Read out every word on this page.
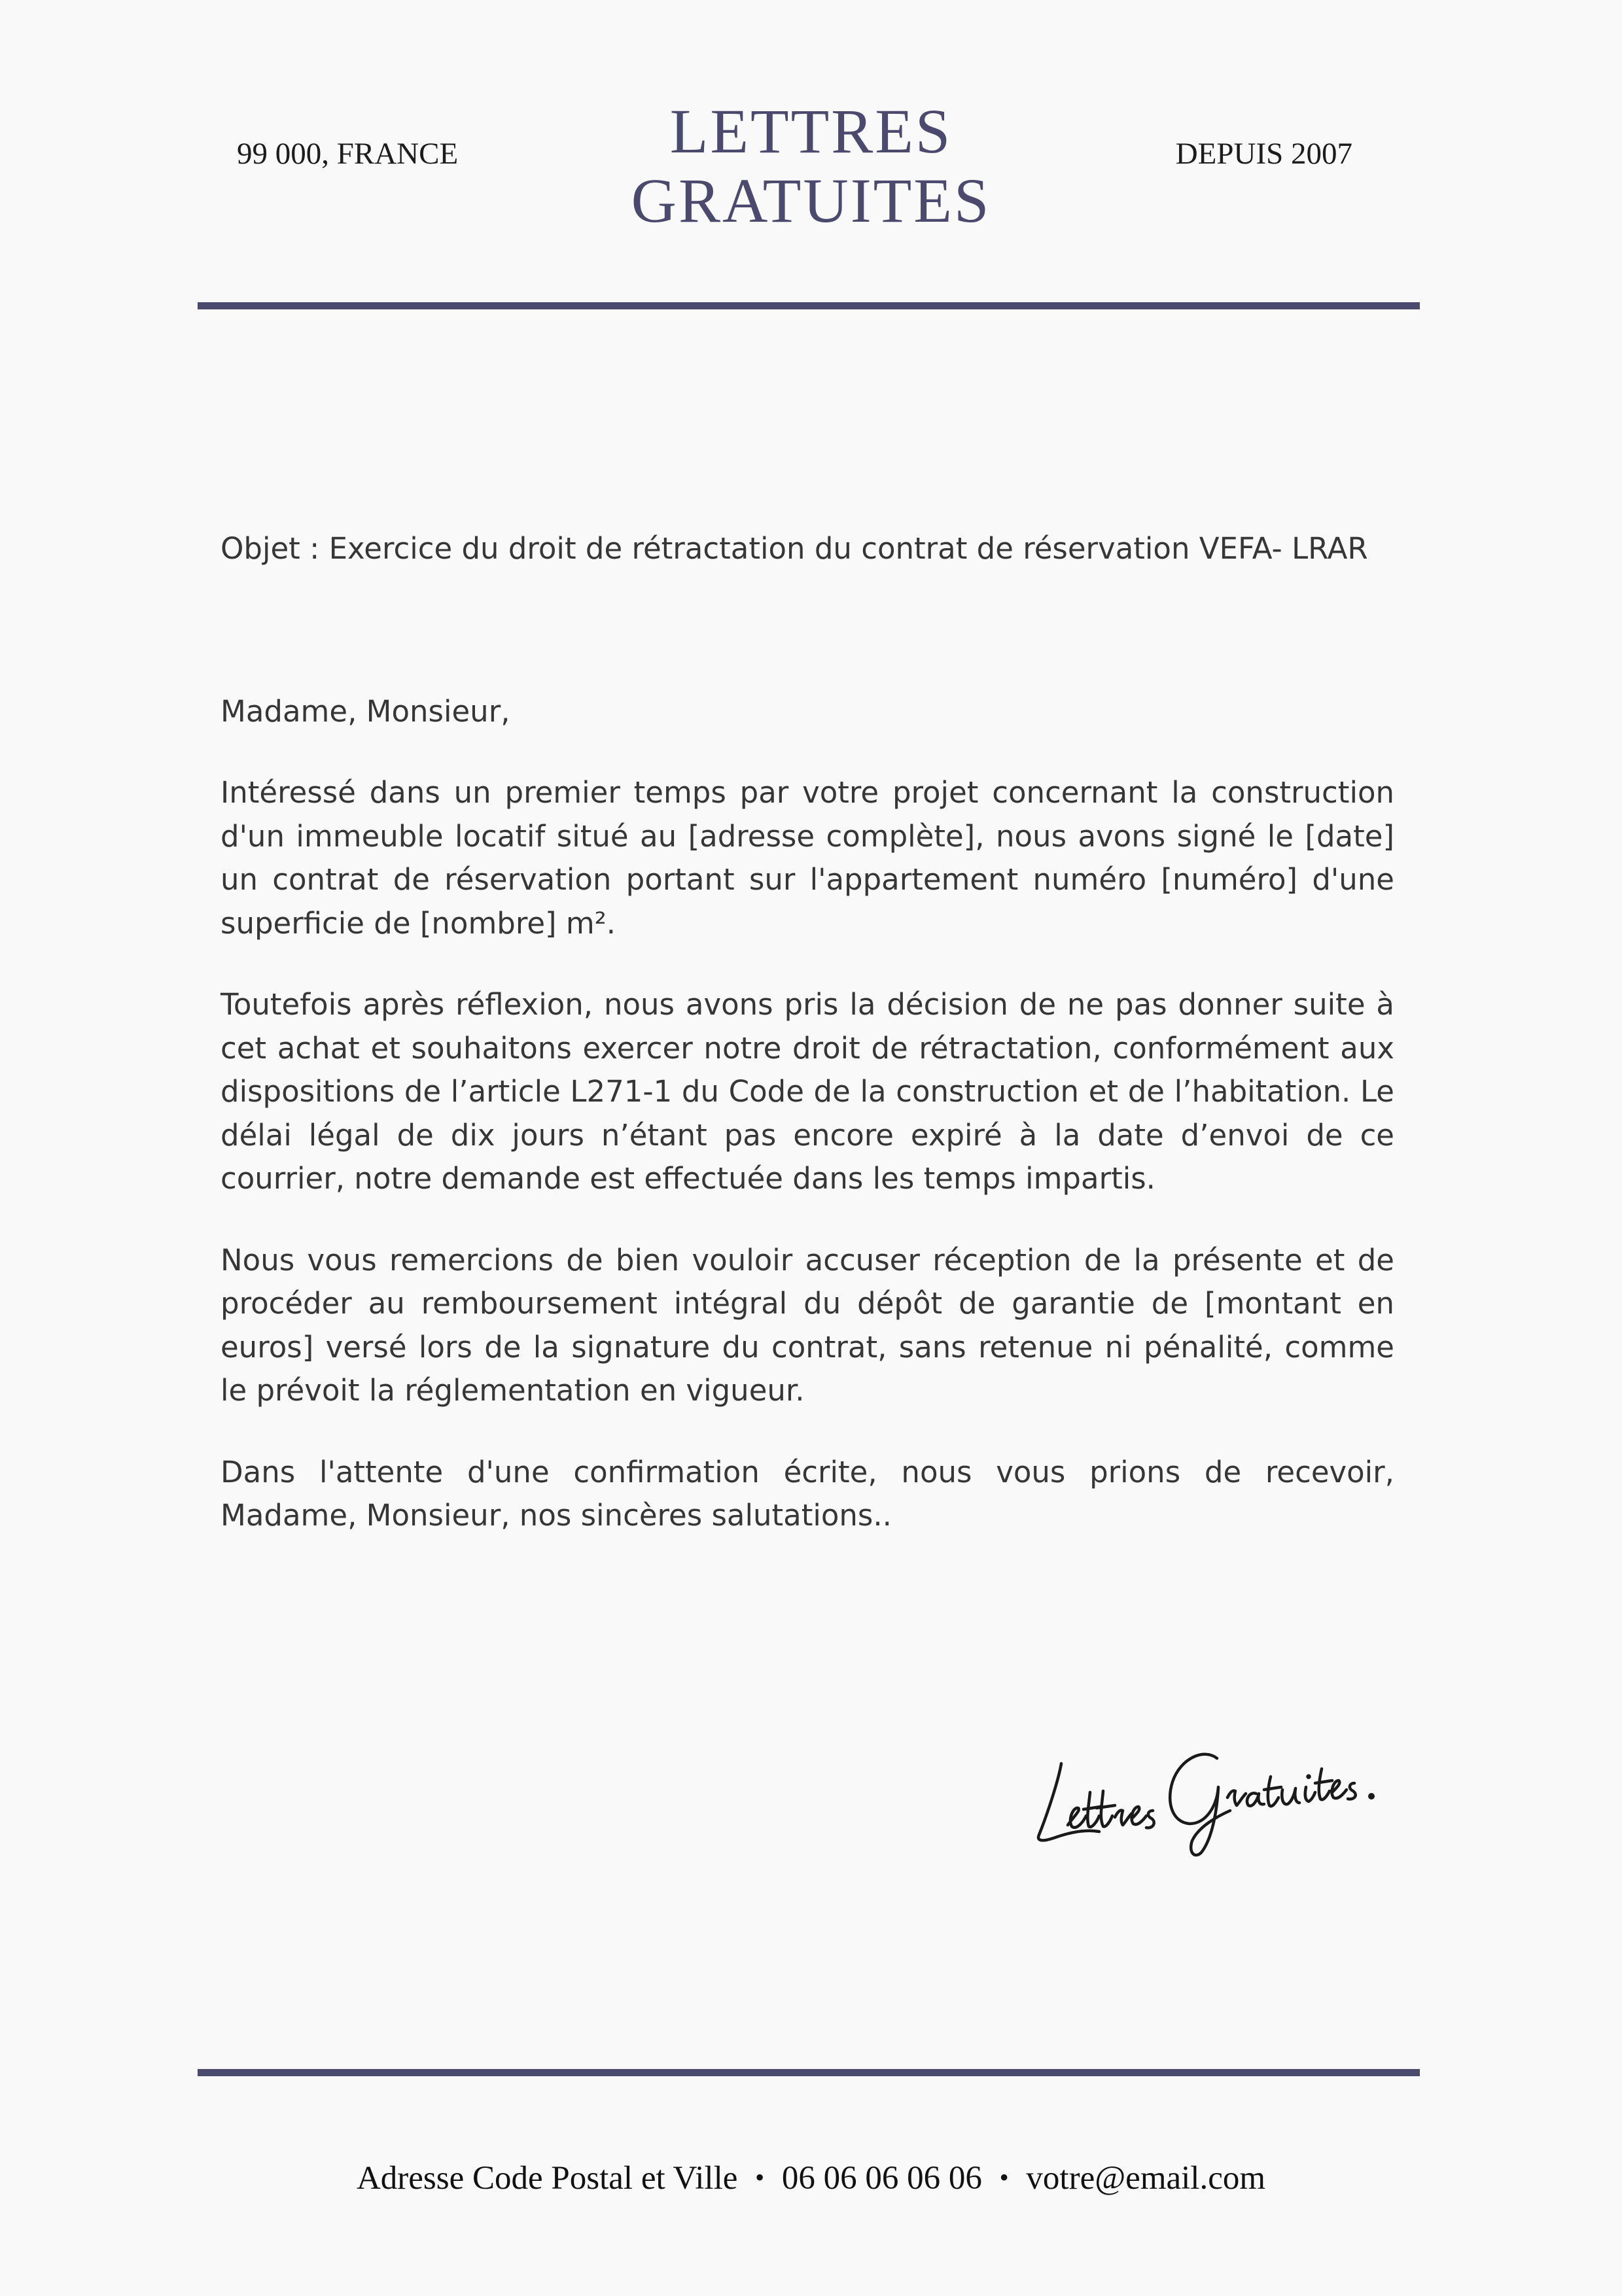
99 000, FRANCE	LETTRES
GRATUITES
DEPUIS 2007
Objet : Exercice du droit de rétractation du contrat de réservation VEFA- LRAR
Madame, Monsieur,

Intéressé dans un premier temps par votre projet concernant la construction d'un immeuble locatif situé au [adresse complète], nous avons signé le [date] un contrat de réservation portant sur l'appartement numéro [numéro] d'une superficie de [nombre] m².

Toutefois après réflexion, nous avons pris la décision de ne pas donner suite à cet achat et souhaitons exercer notre droit de rétractation, conformément aux dispositions de l’article L271-1 du Code de la construction et de l’habitation. Le délai légal de dix jours n’étant pas encore expiré à la date d’envoi de ce courrier, notre demande est effectuée dans les temps impartis.

Nous vous remercions de bien vouloir accuser réception de la présente et de procéder au remboursement intégral du dépôt de garantie de [montant en euros] versé lors de la signature du contrat, sans retenue ni pénalité, comme le prévoit la réglementation en vigueur.

Dans l'attente d'une confirmation écrite, nous vous prions de recevoir, Madame, Monsieur, nos sincères salutations..

Adresse Code Postal et Ville • 06 06 06 06 06 • votre@email.com
